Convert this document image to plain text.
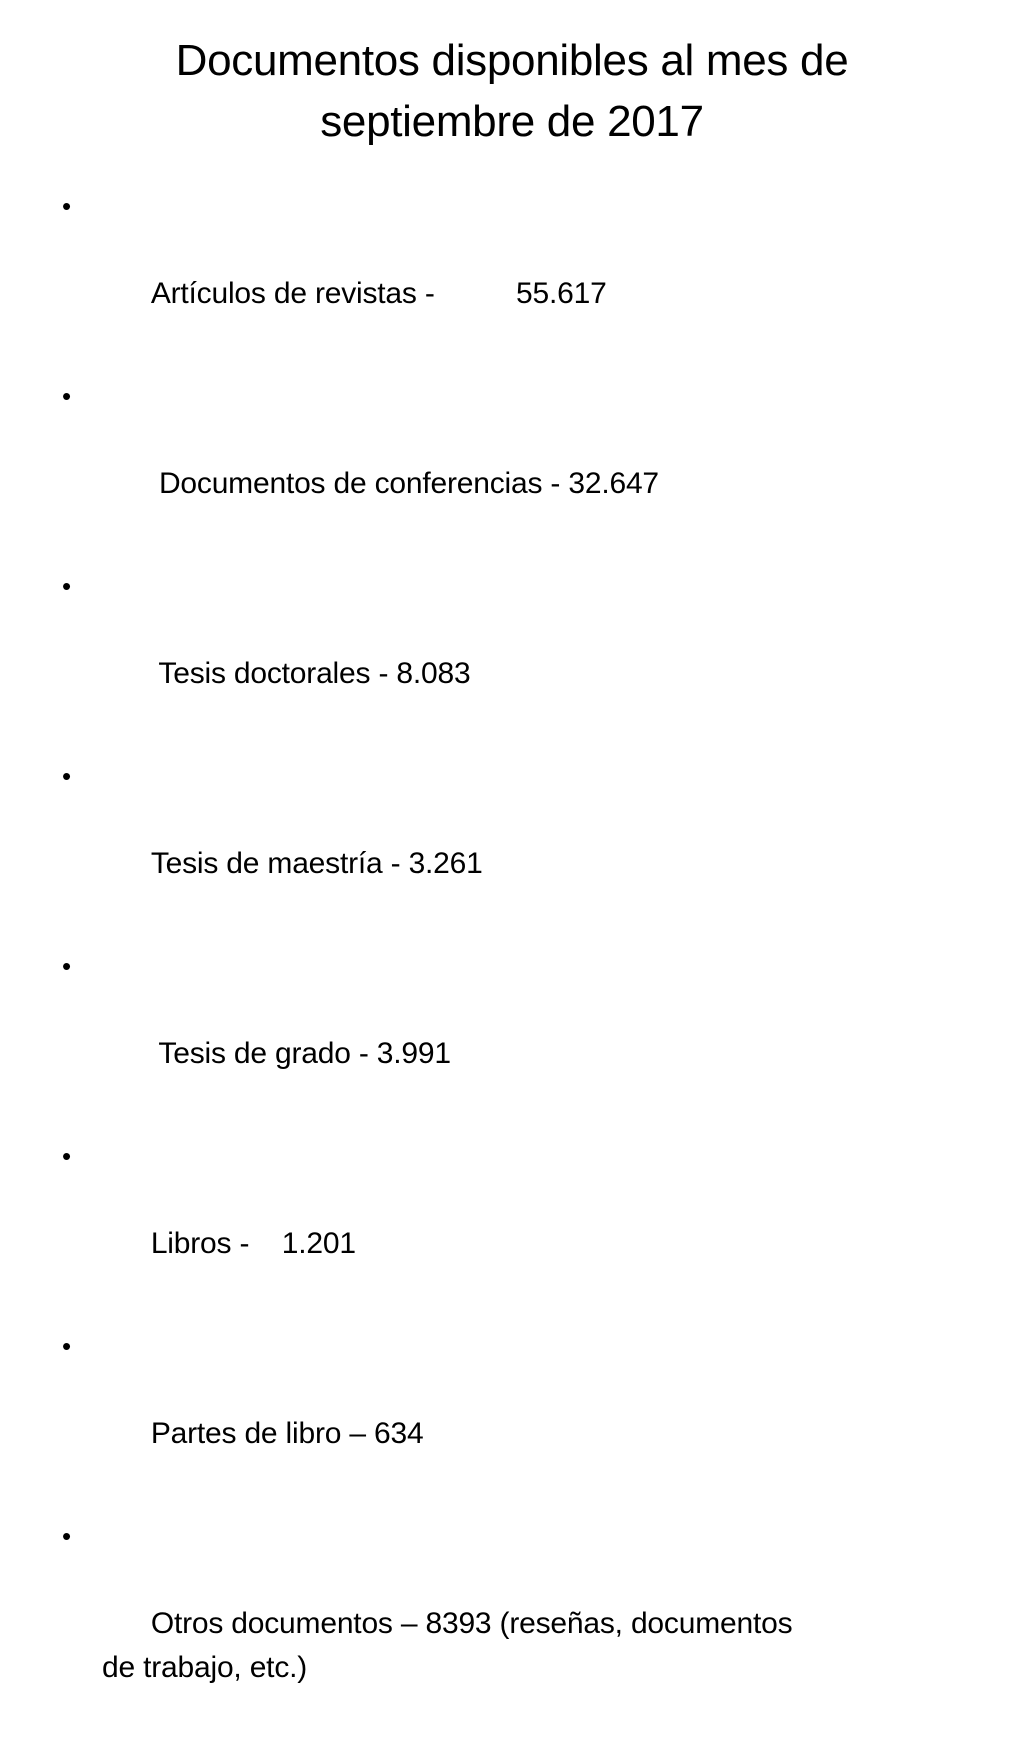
Documentos disponibles al mes de
septiembre de 2017

•

Artículos de revistas -          55.617

•

Documentos de conferencias - 32.647

•

Tesis doctorales - 8.083

•

Tesis de maestría - 3.261

•

Tesis de grado - 3.991

•

Libros -    1.201

•

Partes de libro – 634

•

Otros documentos – 8393 (reseñas, documentos
de trabajo, etc.)
